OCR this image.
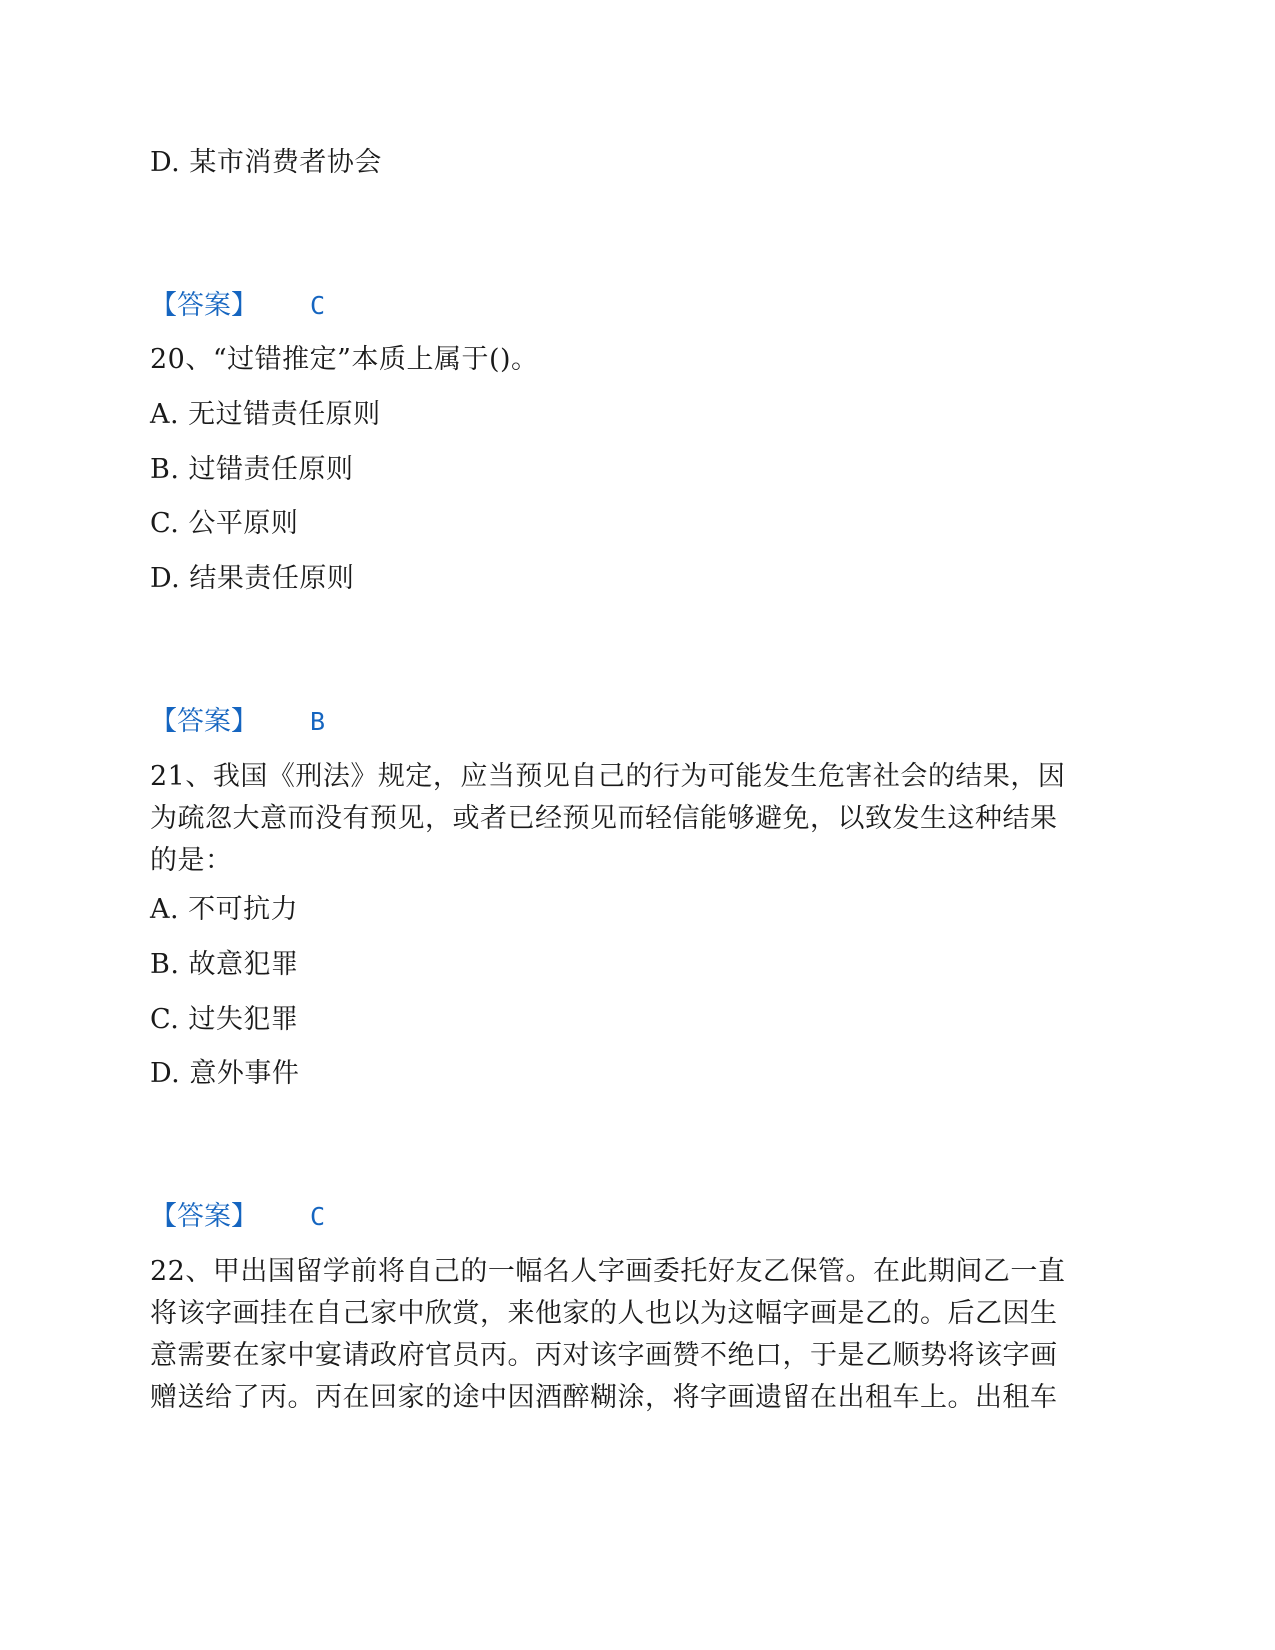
D. 某市消费者协会
【答案】 C
20、“过错推定”本质上属于()。
A. 无过错责任原则
B. 过错责任原则
C. 公平原则
D. 结果责任原则
【答案】 B
21、我国《刑法》规定，应当预见自己的行为可能发生危害社会的结果，因
为疏忽大意而没有预见，或者已经预见而轻信能够避免，以致发生这种结果
的是：
A. 不可抗力
B. 故意犯罪
C. 过失犯罪
D. 意外事件
【答案】 C
22、甲出国留学前将自己的一幅名人字画委托好友乙保管。在此期间乙一直
将该字画挂在自己家中欣赏，来他家的人也以为这幅字画是乙的。后乙因生
意需要在家中宴请政府官员丙。丙对该字画赞不绝口，于是乙顺势将该字画
赠送给了丙。丙在回家的途中因酒醉糊涂，将字画遗留在出租车上。出租车
